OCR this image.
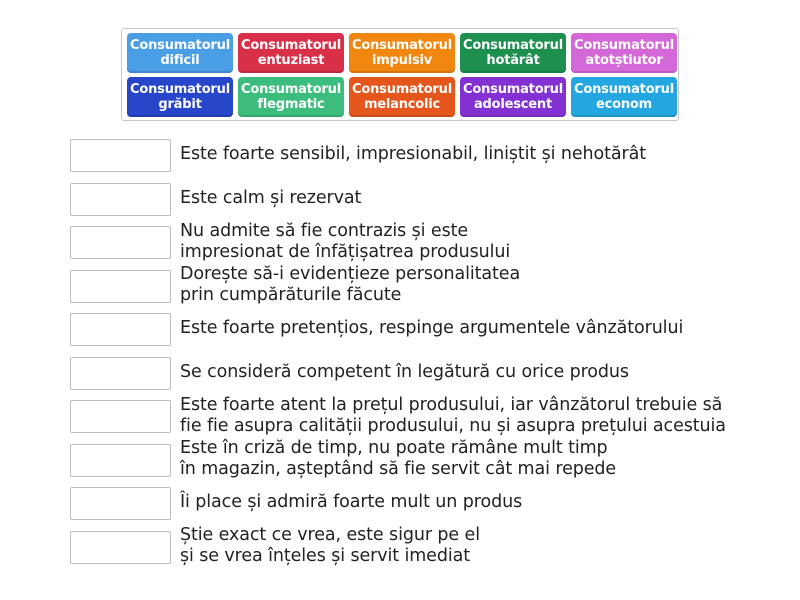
Consumatorul
dificil
Consumatorul
entuziast
Consumatorul
impulsiv
Consumatorul
hotărât
Consumatorul
atotștiutor
Consumatorul
grăbit
Consumatorul
flegmatic
Consumatorul
melancolic
Consumatorul
adolescent
Consumatorul
econom
Este foarte sensibil, impresionabil, liniștit și nehotărât
Este calm și rezervat
Nu admite să fie contrazis și este
impresionat de înfățișatrea produsului
Dorește să-i evidențieze personalitatea
prin cumpărăturile făcute
Este foarte pretențios, respinge argumentele vânzătorului
Se consideră competent în legătură cu orice produs
Este foarte atent la prețul produsului, iar vânzătorul trebuie să
fie fie asupra calității produsului, nu și asupra prețului acestuia
Este în criză de timp, nu poate rămâne mult timp
în magazin, așteptând să fie servit cât mai repede
Îi place și admiră foarte mult un produs
Știe exact ce vrea, este sigur pe el
și se vrea înțeles și servit imediat
